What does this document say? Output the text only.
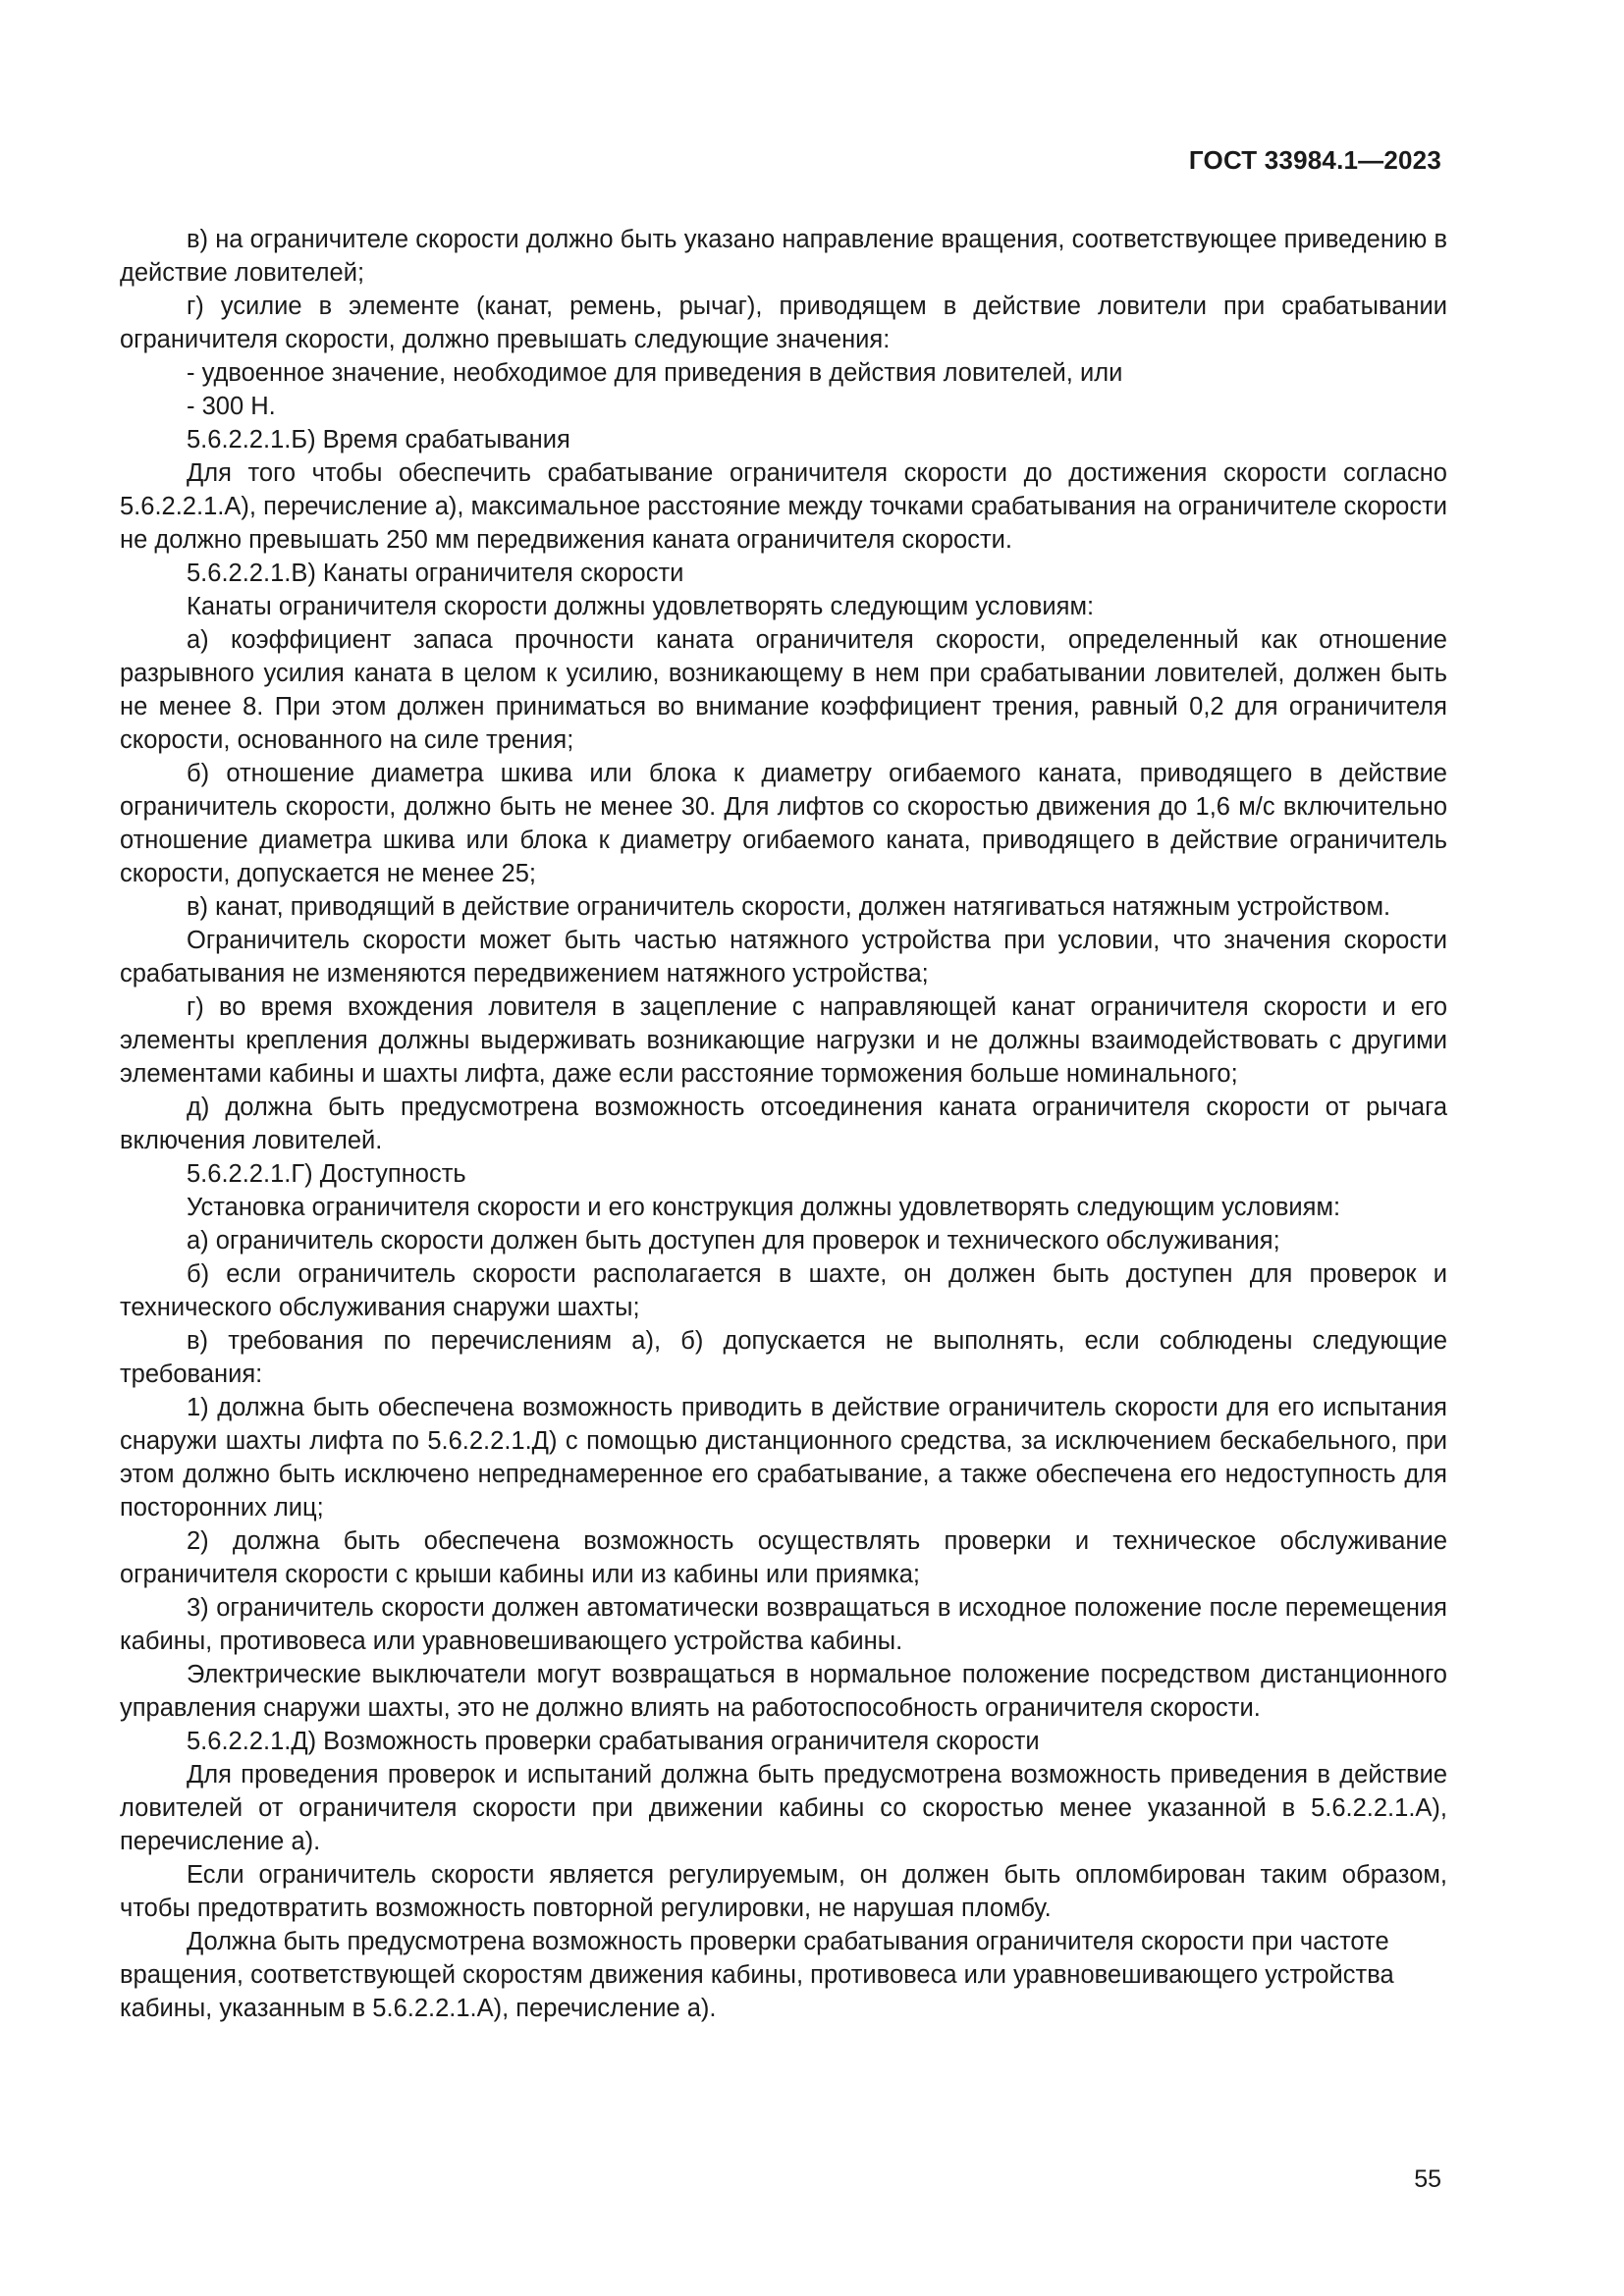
ГОСТ 33984.1—2023

в) на ограничителе скорости должно быть указано направление вращения, соответствующее приведению в действие ловителей;

г) усилие в элементе (канат, ремень, рычаг), приводящем в действие ловители при срабатывании ограничителя скорости, должно превышать следующие значения:

- удвоенное значение, необходимое для приведения в действия ловителей, или

- 300 Н.

5.6.2.2.1.Б) Время срабатывания

Для того чтобы обеспечить срабатывание ограничителя скорости до достижения скорости согласно 5.6.2.2.1.А), перечисление а), максимальное расстояние между точками срабатывания на ограничителе скорости не должно превышать 250 мм передвижения каната ограничителя скорости.

5.6.2.2.1.В) Канаты ограничителя скорости

Канаты ограничителя скорости должны удовлетворять следующим условиям:

а) коэффициент запаса прочности каната ограничителя скорости, определенный как отношение разрывного усилия каната в целом к усилию, возникающему в нем при срабатывании ловителей, должен быть не менее 8. При этом должен приниматься во внимание коэффициент трения, равный 0,2 для ограничителя скорости, основанного на силе трения;

б) отношение диаметра шкива или блока к диаметру огибаемого каната, приводящего в действие ограничитель скорости, должно быть не менее 30. Для лифтов со скоростью движения до 1,6 м/с включительно отношение диаметра шкива или блока к диаметру огибаемого каната, приводящего в действие ограничитель скорости, допускается не менее 25;

в) канат, приводящий в действие ограничитель скорости, должен натягиваться натяжным устройством.

Ограничитель скорости может быть частью натяжного устройства при условии, что значения скорости срабатывания не изменяются передвижением натяжного устройства;

г) во время вхождения ловителя в зацепление с направляющей канат ограничителя скорости и его элементы крепления должны выдерживать возникающие нагрузки и не должны взаимодействовать с другими элементами кабины и шахты лифта, даже если расстояние торможения больше номинального;

д) должна быть предусмотрена возможность отсоединения каната ограничителя скорости от рычага включения ловителей.

5.6.2.2.1.Г) Доступность

Установка ограничителя скорости и его конструкция должны удовлетворять следующим условиям:

а) ограничитель скорости должен быть доступен для проверок и технического обслуживания;

б) если ограничитель скорости располагается в шахте, он должен быть доступен для проверок и технического обслуживания снаружи шахты;

в) требования по перечислениям а), б) допускается не выполнять, если соблюдены следующие требования:

1) должна быть обеспечена возможность приводить в действие ограничитель скорости для его испытания снаружи шахты лифта по 5.6.2.2.1.Д) с помощью дистанционного средства, за исключением бескабельного, при этом должно быть исключено непреднамеренное его срабатывание, а также обеспечена его недоступность для посторонних лиц;

2) должна быть обеспечена возможность осуществлять проверки и техническое обслуживание ограничителя скорости с крыши кабины или из кабины или приямка;

3) ограничитель скорости должен автоматически возвращаться в исходное положение после перемещения кабины, противовеса или уравновешивающего устройства кабины.

Электрические выключатели могут возвращаться в нормальное положение посредством дистанционного управления снаружи шахты, это не должно влиять на работоспособность ограничителя скорости.

5.6.2.2.1.Д) Возможность проверки срабатывания ограничителя скорости

Для проведения проверок и испытаний должна быть предусмотрена возможность приведения в действие ловителей от ограничителя скорости при движении кабины со скоростью менее указанной в 5.6.2.2.1.А), перечисление а).

Если ограничитель скорости является регулируемым, он должен быть опломбирован таким образом, чтобы предотвратить возможность повторной регулировки, не нарушая пломбу.

Должна быть предусмотрена возможность проверки срабатывания ограничителя скорости при частоте вращения, соответствующей скоростям движения кабины, противовеса или уравновешивающего устройства кабины, указанным в 5.6.2.2.1.А), перечисление а).

55
